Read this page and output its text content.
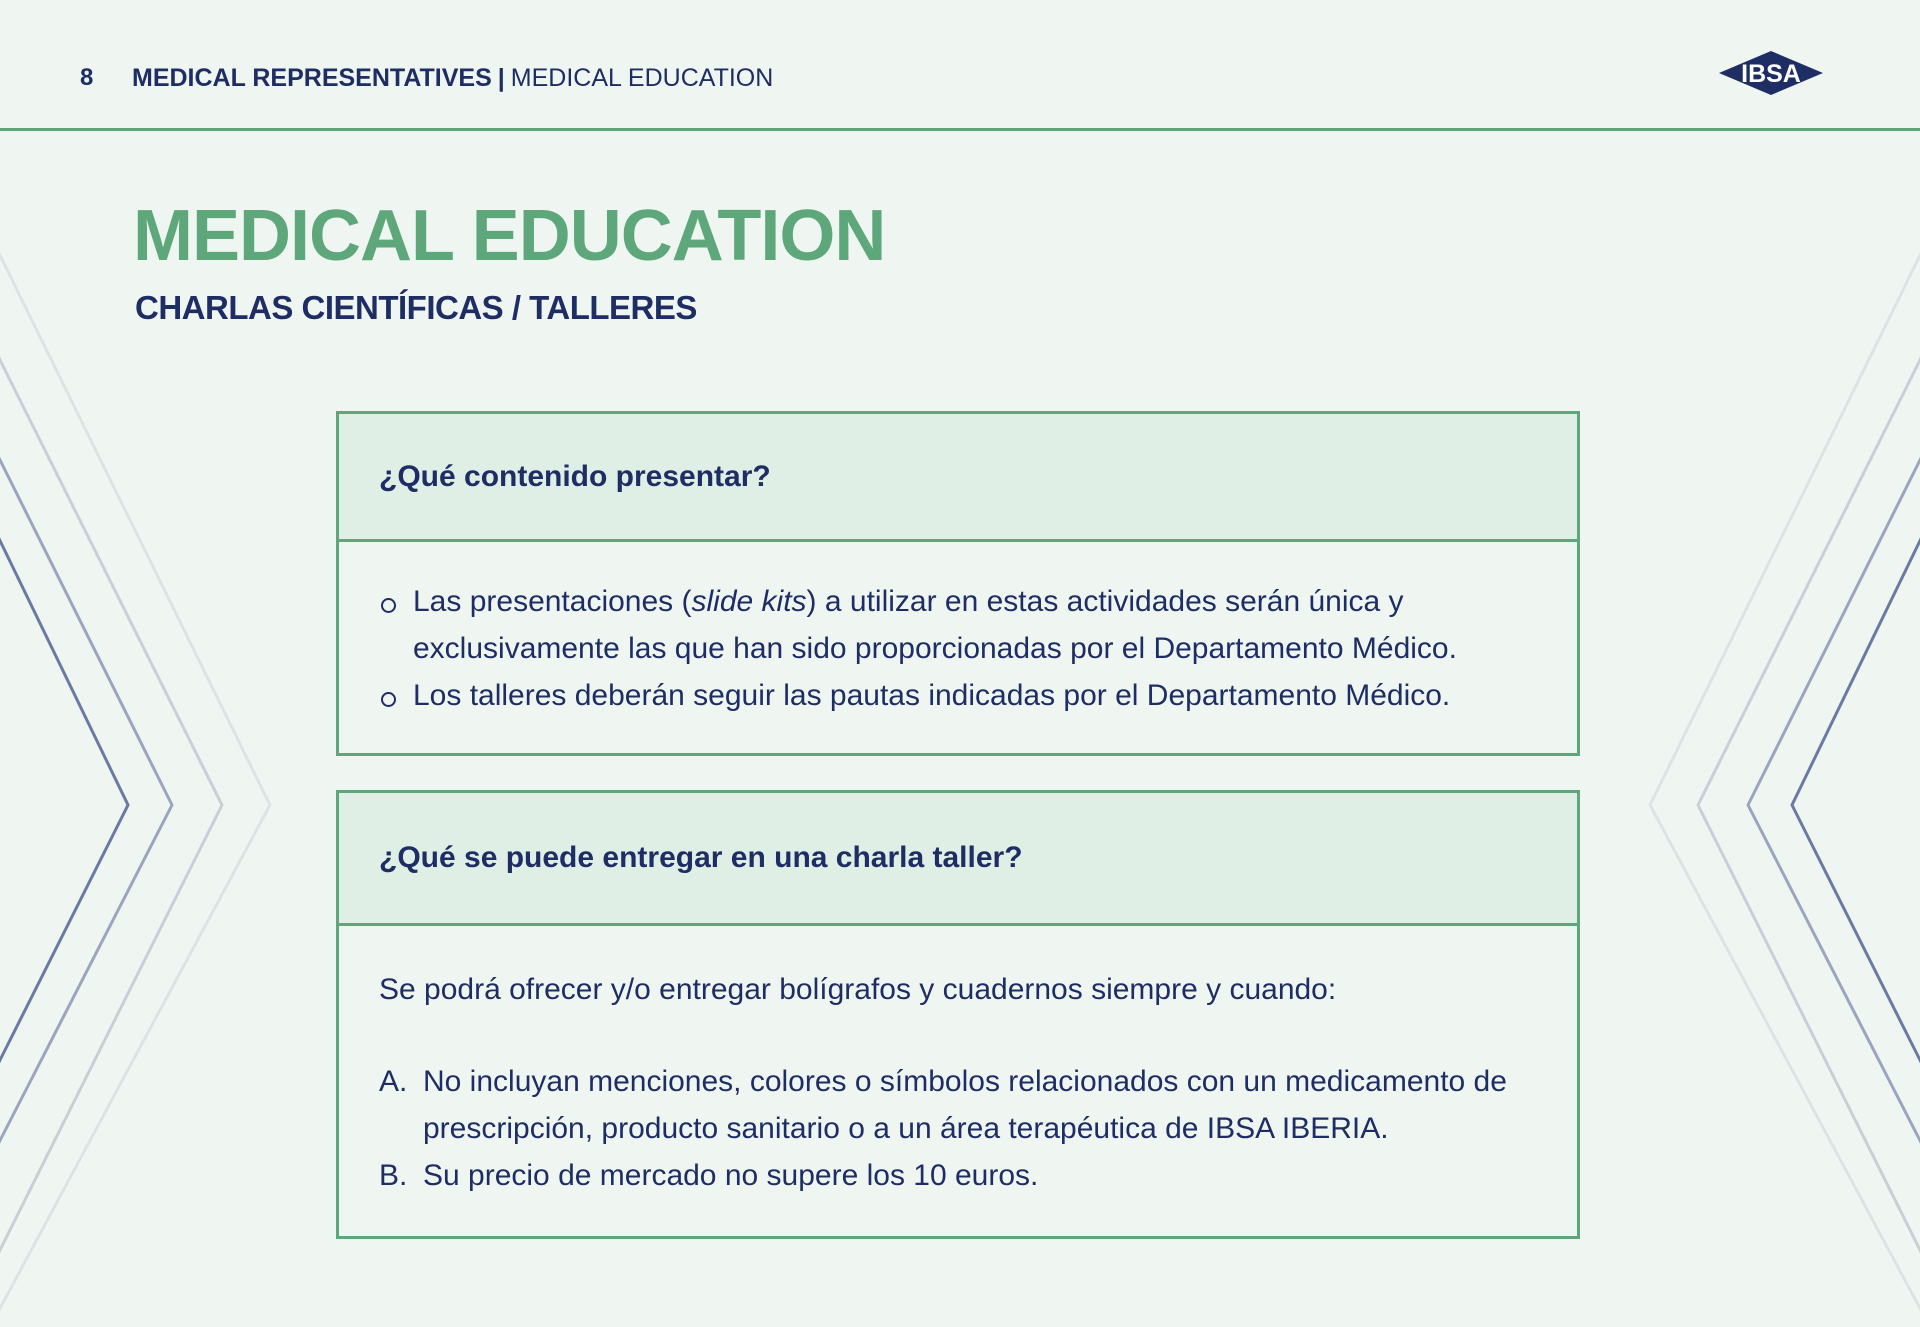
8 MEDICAL REPRESENTATIVES | MEDICAL EDUCATION	IBSA
MEDICAL EDUCATION
CHARLAS CIENTÍFICAS / TALLERES
¿Qué contenido presentar?
Las presentaciones (slide kits) a utilizar en estas actividades serán única y exclusivamente las que han sido proporcionadas por el Departamento Médico.
Los talleres deberán seguir las pautas indicadas por el Departamento Médico.
¿Qué se puede entregar en una charla taller?

Se podrá ofrecer y/o entregar bolígrafos y cuadernos siempre y cuando:

A. No incluyan menciones, colores o símbolos relacionados con un medicamento de prescripción, producto sanitario o a un área terapéutica de IBSA IBERIA.
B. Su precio de mercado no supere los 10 euros.
